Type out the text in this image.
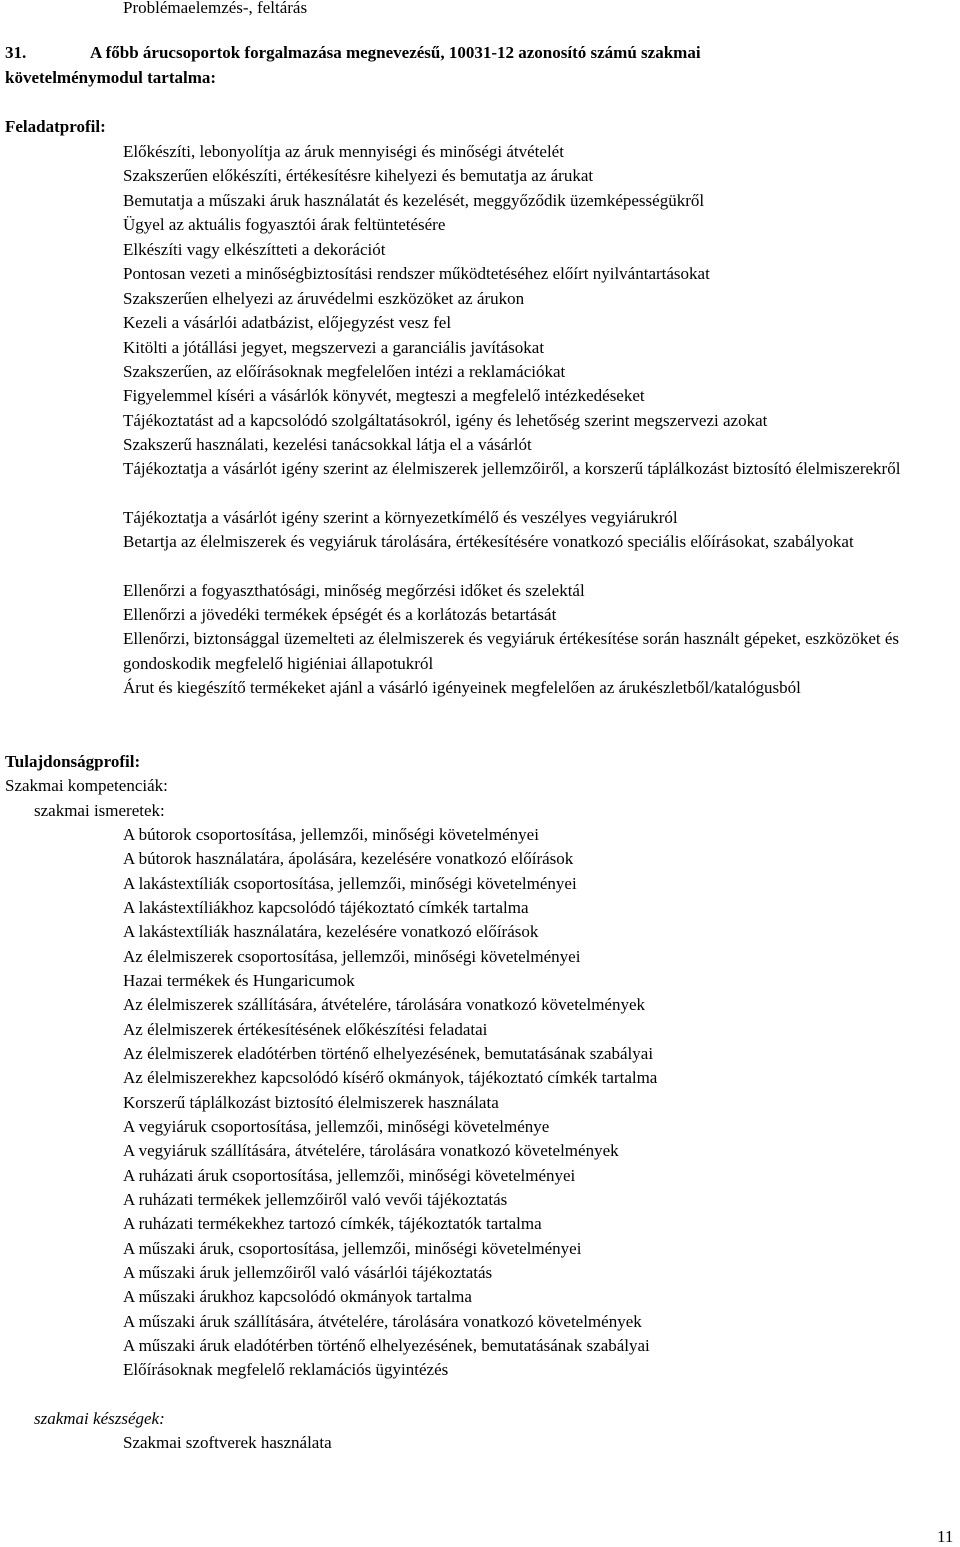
Problémaelemzés-, feltárás
31.	A főbb árucsoportok forgalmazása megnevezésű, 10031-12 azonosító számú szakmai
követelménymodul tartalma:
Feladatprofil:
Előkészíti, lebonyolítja az áruk mennyiségi és minőségi átvételét
Szakszerűen előkészíti, értékesítésre kihelyezi és bemutatja az árukat
Bemutatja a műszaki áruk használatát és kezelését, meggyőződik üzemképességükről
Ügyel az aktuális fogyasztói árak feltüntetésére
Elkészíti vagy elkészítteti a dekorációt
Pontosan vezeti a minőségbiztosítási rendszer működtetéséhez előírt nyilvántartásokat
Szakszerűen elhelyezi az áruvédelmi eszközöket az árukon
Kezeli a vásárlói adatbázist, előjegyzést vesz fel
Kitölti a jótállási jegyet, megszervezi a garanciális javításokat
Szakszerűen, az előírásoknak megfelelően intézi a reklamációkat
Figyelemmel kíséri a vásárlók könyvét, megteszi a megfelelő intézkedéseket
Tájékoztatást ad a kapcsolódó szolgáltatásokról, igény és lehetőség szerint megszervezi azokat
Szakszerű használati, kezelési tanácsokkal látja el a vásárlót
Tájékoztatja a vásárlót igény szerint az élelmiszerek jellemzőiről, a korszerű táplálkozást biztosító élelmiszerekről
Tájékoztatja a vásárlót igény szerint a környezetkímélő és veszélyes vegyiárukról
Betartja az élelmiszerek és vegyiáruk tárolására, értékesítésére vonatkozó speciális előírásokat, szabályokat
Ellenőrzi a fogyaszthatósági, minőség megőrzési időket és szelektál
Ellenőrzi a jövedéki termékek épségét és a korlátozás betartását
Ellenőrzi, biztonsággal üzemelteti az élelmiszerek és vegyiáruk értékesítése során használt gépeket, eszközöket és gondoskodik megfelelő higiéniai állapotukról
Árut és kiegészítő termékeket ajánl a vásárló igényeinek megfelelően az árukészletből/katalógusból
Tulajdonságprofil:
Szakmai kompetenciák:
szakmai ismeretek:
A bútorok csoportosítása, jellemzői, minőségi követelményei
A bútorok használatára, ápolására, kezelésére vonatkozó előírások
A lakástextíliák csoportosítása, jellemzői, minőségi követelményei
A lakástextíliákhoz kapcsolódó tájékoztató címkék tartalma
A lakástextíliák használatára, kezelésére vonatkozó előírások
Az élelmiszerek csoportosítása, jellemzői, minőségi követelményei
Hazai termékek és Hungaricumok
Az élelmiszerek szállítására, átvételére, tárolására vonatkozó követelmények
Az élelmiszerek értékesítésének előkészítési feladatai
Az élelmiszerek eladótérben történő elhelyezésének, bemutatásának szabályai
Az élelmiszerekhez kapcsolódó kísérő okmányok, tájékoztató címkék tartalma
Korszerű táplálkozást biztosító élelmiszerek használata
A vegyiáruk csoportosítása, jellemzői, minőségi követelménye
A vegyiáruk szállítására, átvételére, tárolására vonatkozó követelmények
A ruházati áruk csoportosítása, jellemzői, minőségi követelményei
A ruházati termékek jellemzőiről való vevői tájékoztatás
A ruházati termékekhez tartozó címkék, tájékoztatók tartalma
A műszaki áruk, csoportosítása, jellemzői, minőségi követelményei
A műszaki áruk jellemzőiről való vásárlói tájékoztatás
A műszaki árukhoz kapcsolódó okmányok tartalma
A műszaki áruk szállítására, átvételére, tárolására vonatkozó követelmények
A műszaki áruk eladótérben történő elhelyezésének, bemutatásának szabályai
Előírásoknak megfelelő reklamációs ügyintézés
szakmai készségek:
Szakmai szoftverek használata
11
